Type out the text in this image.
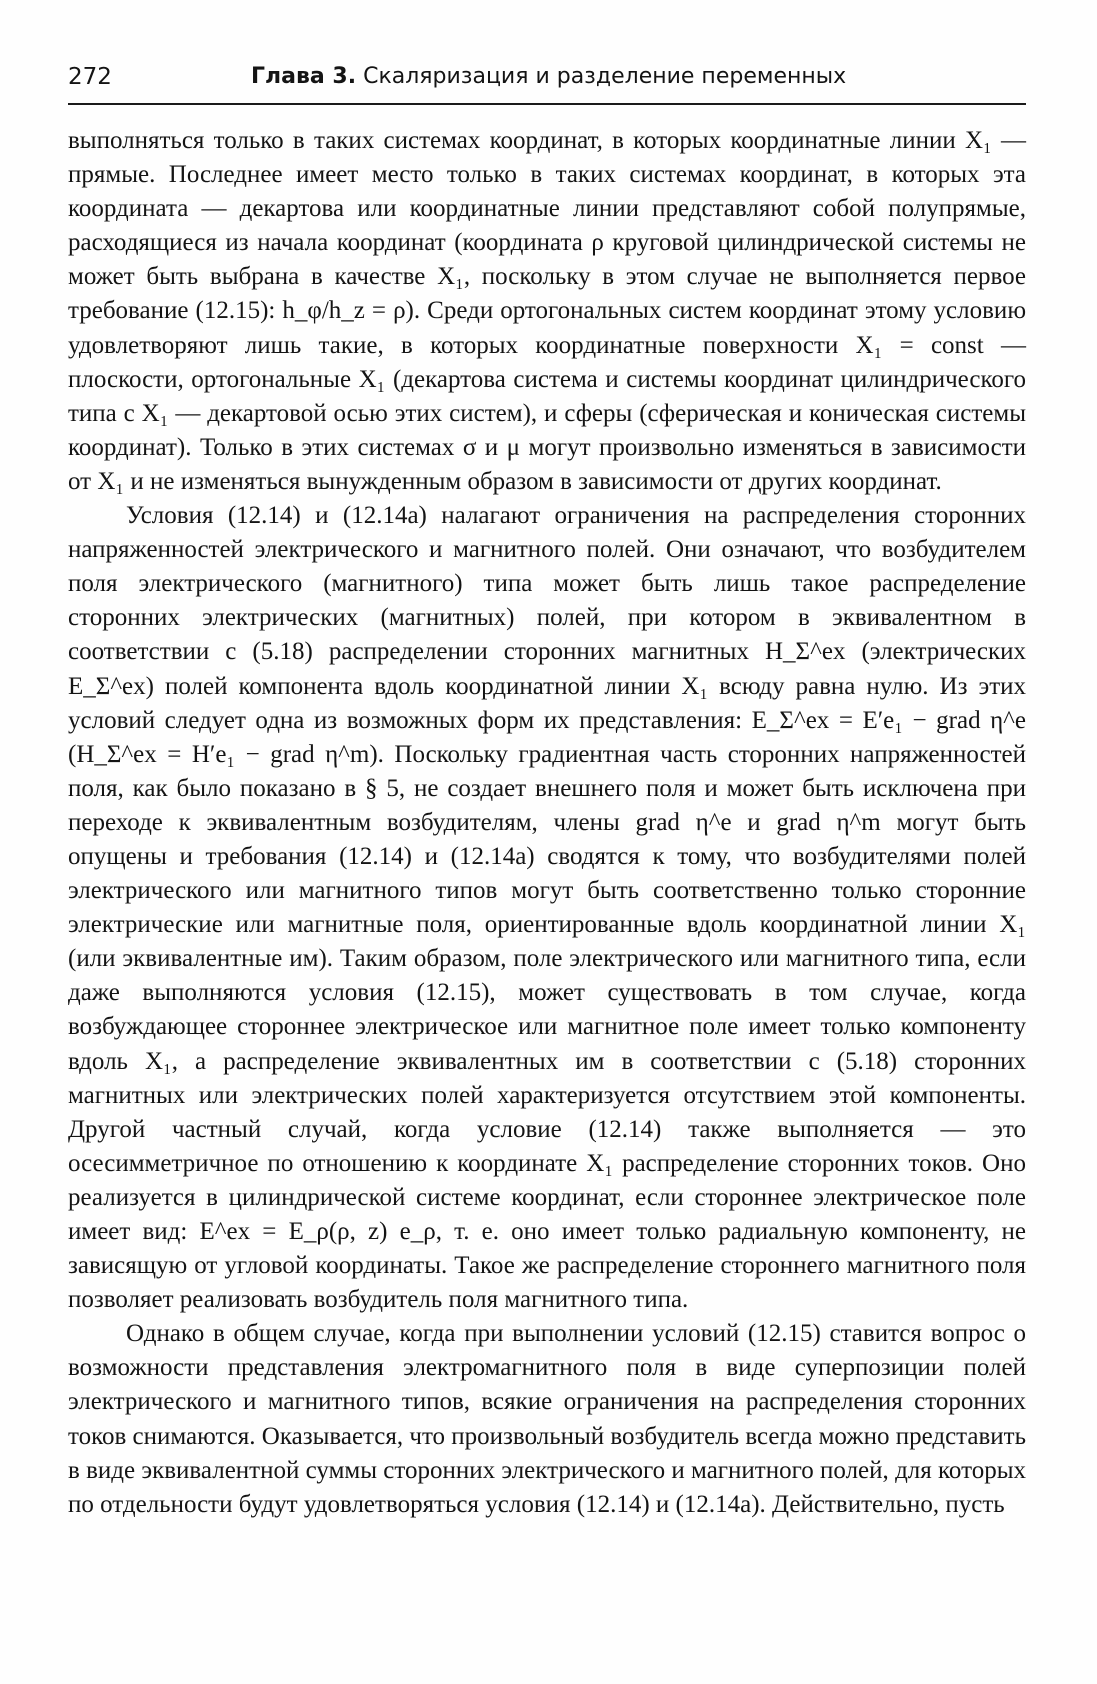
272	Глава 3. Скаляризация и разделение переменных

выполняться только в таких системах координат, в которых координатные линии X₁ — прямые. Последнее имеет место только в таких системах координат, в которых эта координата — декартова или координатные линии представляют собой полупрямые, расходящиеся из начала координат (координата ρ круговой цилиндрической системы не может быть выбрана в качестве X₁, поскольку в этом случае не выполняется первое требование (12.15): h_φ/h_z = ρ). Среди ортогональных систем координат этому условию удовлетворяют лишь такие, в которых координатные поверхности X₁ = const — плоскости, ортогональные X₁ (декартова система и системы координат цилиндрического типа с X₁ — декартовой осью этих систем), и сферы (сферическая и коническая системы координат). Только в этих системах σ и μ могут произвольно изменяться в зависимости от X₁ и не изменяться вынужденным образом в зависимости от других координат.

Условия (12.14) и (12.14а) налагают ограничения на распределения сторонних напряженностей электрического и магнитного полей. Они означают, что возбудителем поля электрического (магнитного) типа может быть лишь такое распределение сторонних электрических (магнитных) полей, при котором в эквивалентном в соответствии с (5.18) распределении сторонних магнитных H_Σ^ex (электрических E_Σ^ex) полей компонента вдоль координатной линии X₁ всюду равна нулю. Из этих условий следует одна из возможных форм их представления: E_Σ^ex = E′e₁ − grad η^e (H_Σ^ex = H′e₁ − grad η^m). Поскольку градиентная часть сторонних напряженностей поля, как было показано в § 5, не создает внешнего поля и может быть исключена при переходе к эквивалентным возбудителям, члены grad η^e и grad η^m могут быть опущены и требования (12.14) и (12.14а) сводятся к тому, что возбудителями полей электрического или магнитного типов могут быть соответственно только сторонние электрические или магнитные поля, ориентированные вдоль координатной линии X₁ (или эквивалентные им). Таким образом, поле электрического или магнитного типа, если даже выполняются условия (12.15), может существовать в том случае, когда возбуждающее стороннее электрическое или магнитное поле имеет только компоненту вдоль X₁, а распределение эквивалентных им в соответствии с (5.18) сторонних магнитных или электрических полей характеризуется отсутствием этой компоненты. Другой частный случай, когда условие (12.14) также выполняется — это осесимметричное по отношению к координате X₁ распределение сторонних токов. Оно реализуется в цилиндрической системе координат, если стороннее электрическое поле имеет вид: E^ex = E_ρ(ρ, z) e_ρ, т. е. оно имеет только радиальную компоненту, не зависящую от угловой координаты. Такое же распределение стороннего магнитного поля позволяет реализовать возбудитель поля магнитного типа.

Однако в общем случае, когда при выполнении условий (12.15) ставится вопрос о возможности представления электромагнитного поля в виде суперпозиции полей электрического и магнитного типов, всякие ограничения на распределения сторонних токов снимаются. Оказывается, что произвольный возбудитель всегда можно представить в виде эквивалентной суммы сторонних электрического и магнитного полей, для которых по отдельности будут удовлетворяться условия (12.14) и (12.14а). Действительно, пусть
